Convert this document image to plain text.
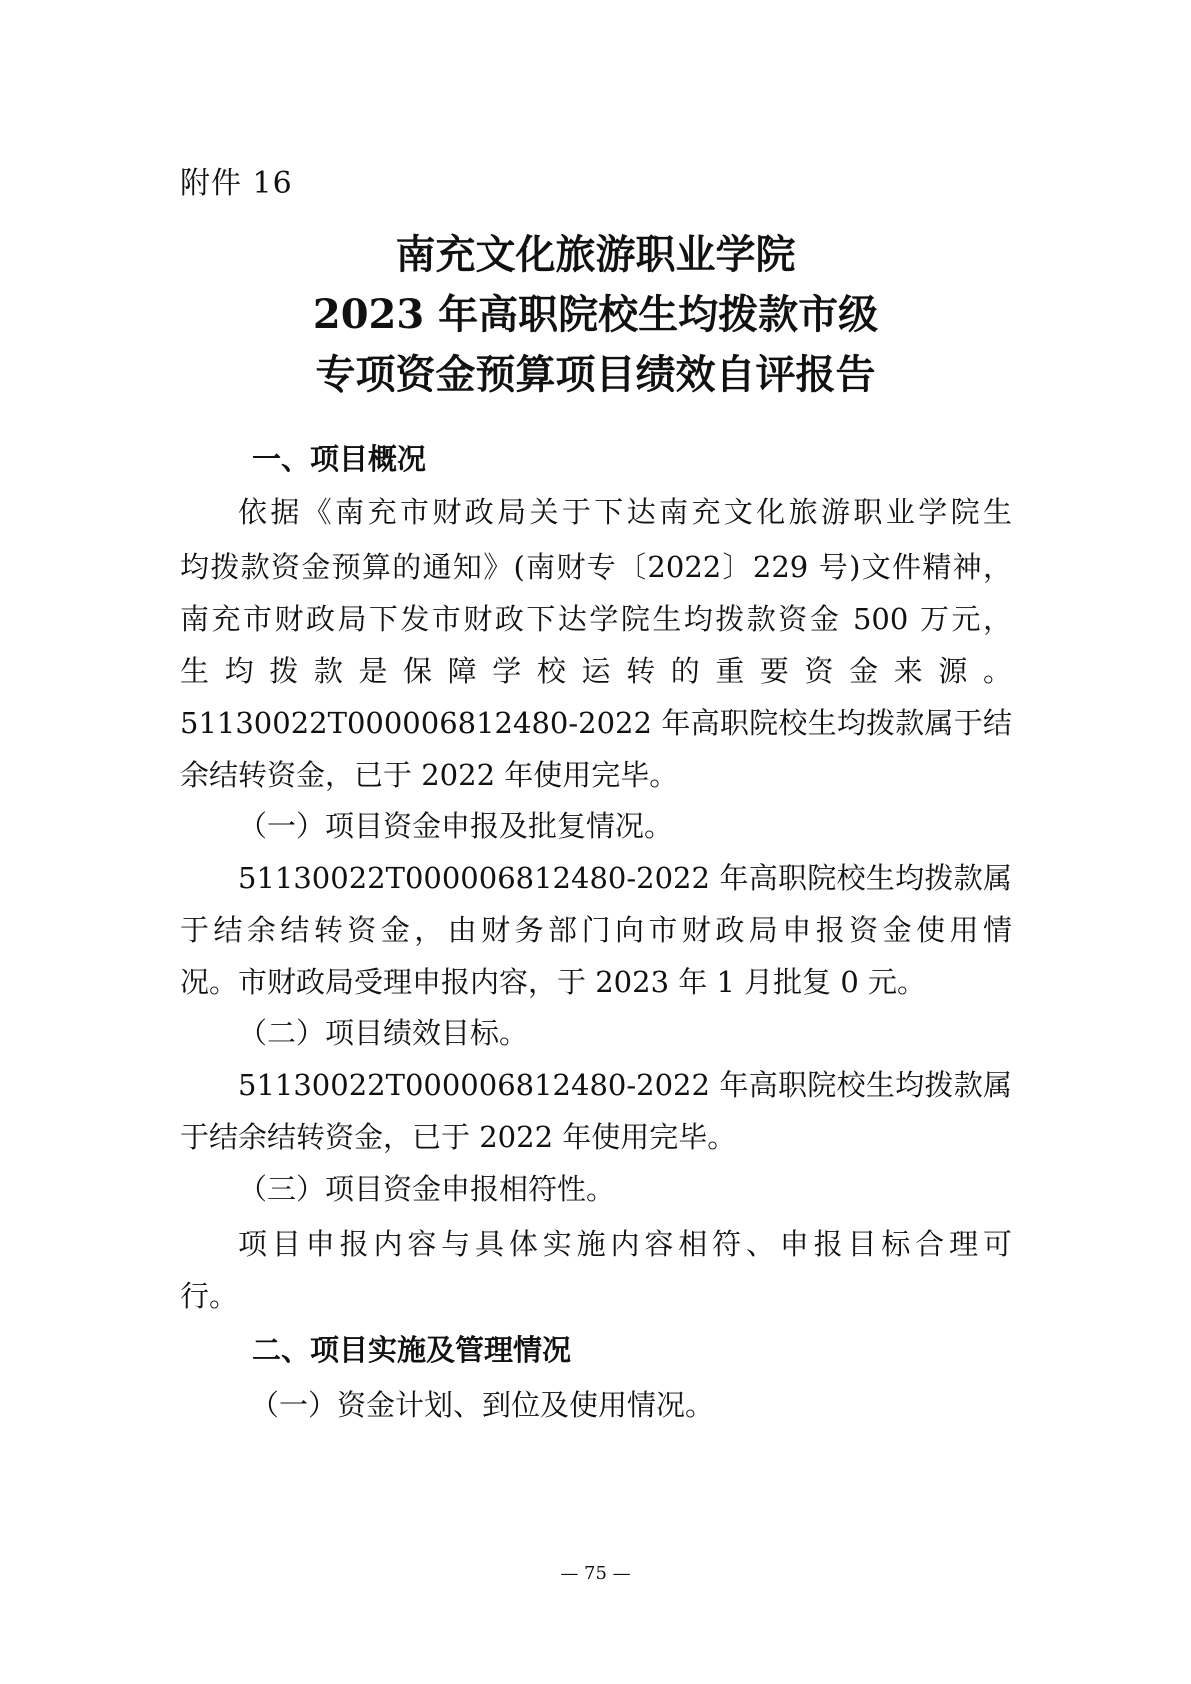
附件 16
南充文化旅游职业学院
2023 年高职院校生均拨款市级
专项资金预算项目绩效自评报告
一、项目概况
依据《南充市财政局关于下达南充文化旅游职业学院生
均拨款资金预算的通知》(南财专〔2022〕229 号)文件精神，
南充市财政局下发市财政下达学院生均拨款资金 500 万元，
生均拨款是保障学校运转的重要资金来源。
51130022T000006812480-2022 年高职院校生均拨款属于结
余结转资金，已于 2022 年使用完毕。
（一）项目资金申报及批复情况。
51130022T000006812480-2022 年高职院校生均拨款属
于结余结转资金，由财务部门向市财政局申报资金使用情
况。市财政局受理申报内容，于 2023 年 1 月批复 0 元。
（二）项目绩效目标。
51130022T000006812480-2022 年高职院校生均拨款属
于结余结转资金，已于 2022 年使用完毕。
（三）项目资金申报相符性。
项目申报内容与具体实施内容相符、申报目标合理可
行。
二、项目实施及管理情况
（一）资金计划、到位及使用情况。
— 75 —
